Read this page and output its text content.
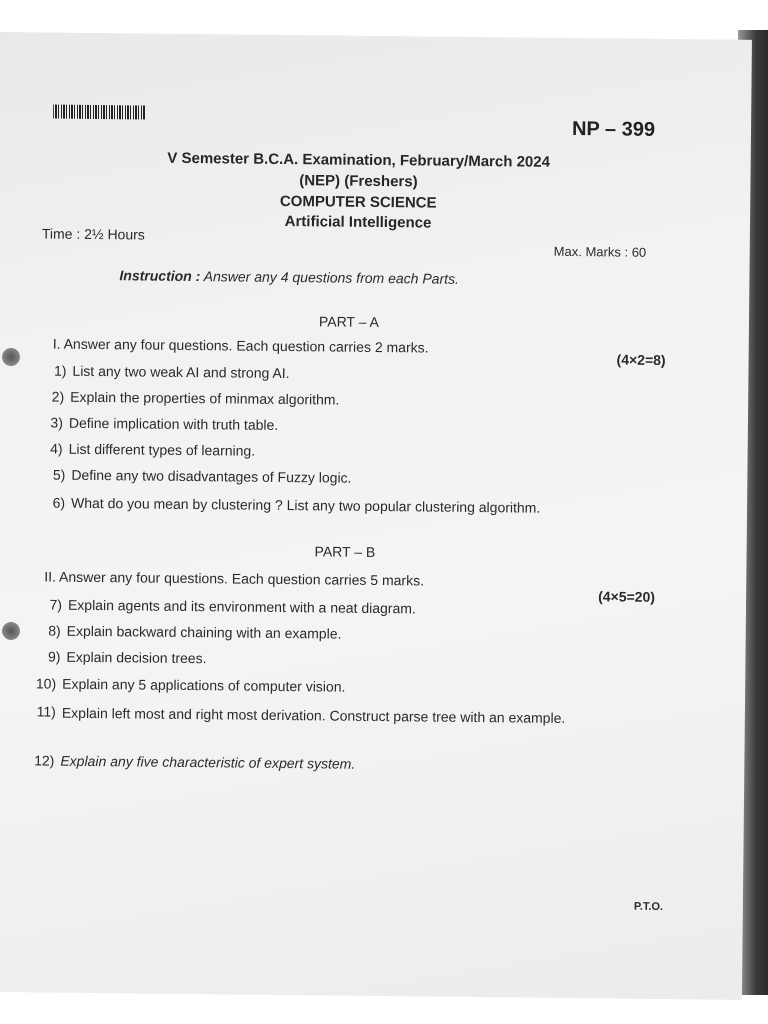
NP – 399
V Semester B.C.A. Examination, February/March 2024
(NEP) (Freshers)
COMPUTER SCIENCE
Artificial Intelligence
Time : 2½ Hours
Max. Marks : 60
Instruction : Answer any 4 questions from each Parts.
PART – A
I. Answer any four questions. Each question carries 2 marks.
(4×2=8)
1) List any two weak AI and strong AI.
2) Explain the properties of minmax algorithm.
3) Define implication with truth table.
4) List different types of learning.
5) Define any two disadvantages of Fuzzy logic.
6) What do you mean by clustering ? List any two popular clustering algorithm.
PART – B
II. Answer any four questions. Each question carries 5 marks.
(4×5=20)
7) Explain agents and its environment with a neat diagram.
8) Explain backward chaining with an example.
9) Explain decision trees.
10) Explain any 5 applications of computer vision.
11) Explain left most and right most derivation. Construct parse tree with an example.
12) Explain any five characteristic of expert system.
P.T.O.
